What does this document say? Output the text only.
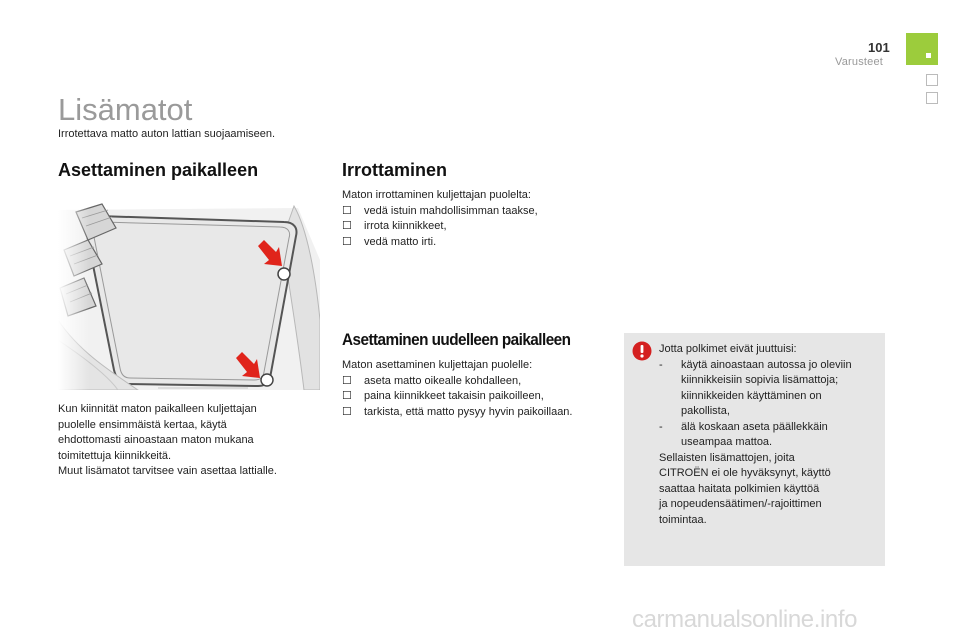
101
Varusteet
Lisämatot
Irrotettava matto auton lattian suojaamiseen.
Asettaminen paikalleen
Kun kiinnität maton paikalleen kuljettajan
puolelle ensimmäistä kertaa, käytä
ehdottomasti ainoastaan maton mukana
toimitettuja kiinnikkeitä.
Muut lisämatot tarvitsee vain asettaa lattialle.
Irrottaminen

Maton irrottaminen kuljettajan puolelta:

☐	vedä istuin mahdollisimman taakse,
☐	irrota kiinnikkeet,
☐	vedä matto irti.
Asettaminen uudelleen paikalleen

Maton asettaminen kuljettajan puolelle:

☐	aseta matto oikealle kohdalleen,
☐	paina kiinnikkeet takaisin paikoilleen,
☐	tarkista, että matto pysyy hyvin paikoillaan.
Jotta polkimet eivät juuttuisi:
- käytä ainoastaan autossa jo oleviin
kiinnikkeisiin sopivia lisämattoja;
kiinnikkeiden käyttäminen on
pakollista,
- älä koskaan aseta päällekkäin
useampaa mattoa.
Sellaisten lisämattojen, joita
CITROËN ei ole hyväksynyt, käyttö
saattaa haitata polkimien käyttöä
ja nopeudensäätimen/-rajoittimen
toimintaa.
carmanualsonline.info
